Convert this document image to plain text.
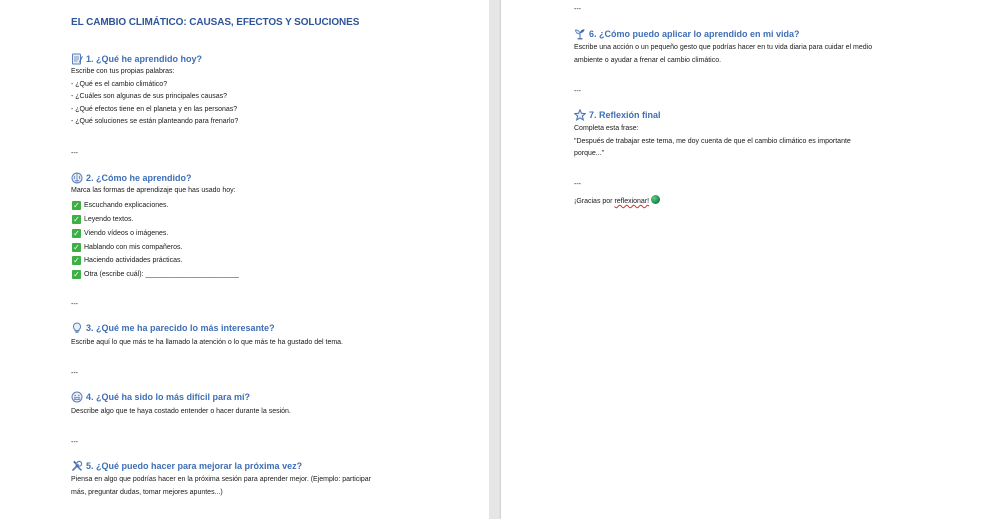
EL CAMBIO CLIMÁTICO: CAUSAS, EFECTOS Y SOLUCIONES
1. ¿Qué he aprendido hoy?
Escribe con tus propias palabras:
- ¿Qué es el cambio climático?
- ¿Cuáles son algunas de sus principales causas?
- ¿Qué efectos tiene en el planeta y en las personas?
- ¿Qué soluciones se están planteando para frenarlo?
---
2. ¿Cómo he aprendido?
Marca las formas de aprendizaje que has usado hoy:
✓ Escuchando explicaciones.
✓ Leyendo textos.
✓ Viendo vídeos o imágenes.
✓ Hablando con mis compañeros.
✓ Haciendo actividades prácticas.
✓ Otra (escribe cuál): ________________________
---
3. ¿Qué me ha parecido lo más interesante?
Escribe aquí lo que más te ha llamado la atención o lo que más te ha gustado del tema.
---
4. ¿Qué ha sido lo más difícil para mí?
Describe algo que te haya costado entender o hacer durante la sesión.
---
5. ¿Qué puedo hacer para mejorar la próxima vez?
Piensa en algo que podrías hacer en la próxima sesión para aprender mejor. (Ejemplo: participar
más, preguntar dudas, tomar mejores apuntes...)
---
6. ¿Cómo puedo aplicar lo aprendido en mi vida?
Escribe una acción o un pequeño gesto que podrías hacer en tu vida diaria para cuidar el medio
ambiente o ayudar a frenar el cambio climático.
---
7. Reflexión final
Completa esta frase:
"Después de trabajar este tema, me doy cuenta de que el cambio climático es importante
porque..."
---
¡Gracias por reflexionar!
